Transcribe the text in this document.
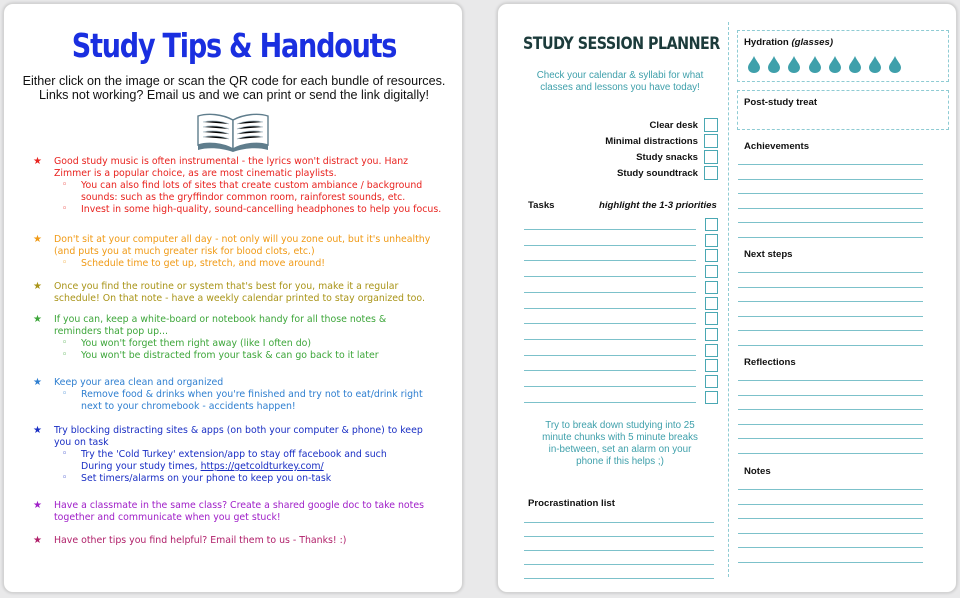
Study Tips & Handouts
Either click on the image or scan the QR code for each bundle of resources.
Links not working? Email us and we can print or send the link digitally!
★ Good study music is often instrumental - the lyrics won't distract you. Hanz
Zimmer is a popular choice, as are most cinematic playlists.
◦ You can also find lots of sites that create custom ambiance / background
sounds: such as the gryffindor common room, rainforest sounds, etc.
◦ Invest in some high-quality, sound-cancelling headphones to help you focus.
★ Don't sit at your computer all day - not only will you zone out, but it's unhealthy
(and puts you at much greater risk for blood clots, etc.)
◦ Schedule time to get up, stretch, and move around!
★ Once you find the routine or system that's best for you, make it a regular
schedule! On that note - have a weekly calendar printed to stay organized too.
★ If you can, keep a white-board or notebook handy for all those notes &
reminders that pop up...
◦ You won't forget them right away (like I often do)
◦ You won't be distracted from your task & can go back to it later
★ Keep your area clean and organized
◦ Remove food & drinks when you're finished and try not to eat/drink right
next to your chromebook - accidents happen!
★ Try blocking distracting sites & apps (on both your computer & phone) to keep
you on task
◦ Try the 'Cold Turkey' extension/app to stay off facebook and such
During your study times, https://getcoldturkey.com/
◦ Set timers/alarms on your phone to keep you on-task
★ Have a classmate in the same class? Create a shared google doc to take notes
together and communicate when you get stuck!
★ Have other tips you find helpful? Email them to us - Thanks! :)
STUDY SESSION PLANNER
Check your calendar & syllabi for what
classes and lessons you have today!
Clear desk
Minimal distractions
Study snacks
Study soundtrack
Tasks	highlight the 1-3 priorities
Try to break down studying into 25
minute chunks with 5 minute breaks
in-between, set an alarm on your
phone if this helps ;)
Procrastination list
Hydration (glasses)
Post-study treat
Achievements
Next steps
Reflections
Notes
